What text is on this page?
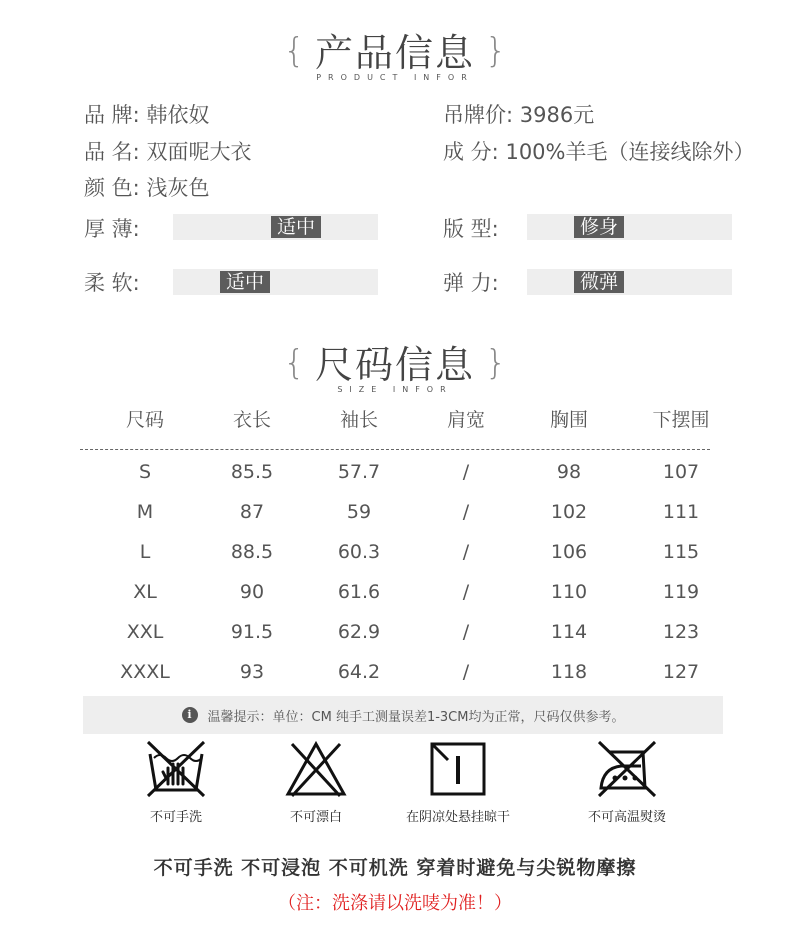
{ 产品信息 }
PRODUCT INFOR
品 牌: 韩依奴	吊牌价: 3986元
品 名: 双面呢大衣	成 分: 100%羊毛（连接线除外）
颜 色: 浅灰色
厚 薄:	适中	版 型:	修身
柔 软:	适中	弹 力:	微弹
{ 尺码信息 }
SIZE INFOR
尺码	衣长	袖长	肩宽	胸围	下摆围
S	85.5	57.7	/	98	107
M	87	59	/	102	111
L	88.5	60.3	/	106	115
XL	90	61.6	/	110	119
XXL	91.5	62.9	/	114	123
XXXL	93	64.2	/	118	127
i	温馨提示：单位：CM 纯手工测量误差1-3CM均为正常，尺码仅供参考。
不可手洗	不可漂白	在阴凉处悬挂晾干	不可高温熨烫
不可手洗 不可浸泡 不可机洗 穿着时避免与尖锐物摩擦
（注：洗涤请以洗唛为准！）
